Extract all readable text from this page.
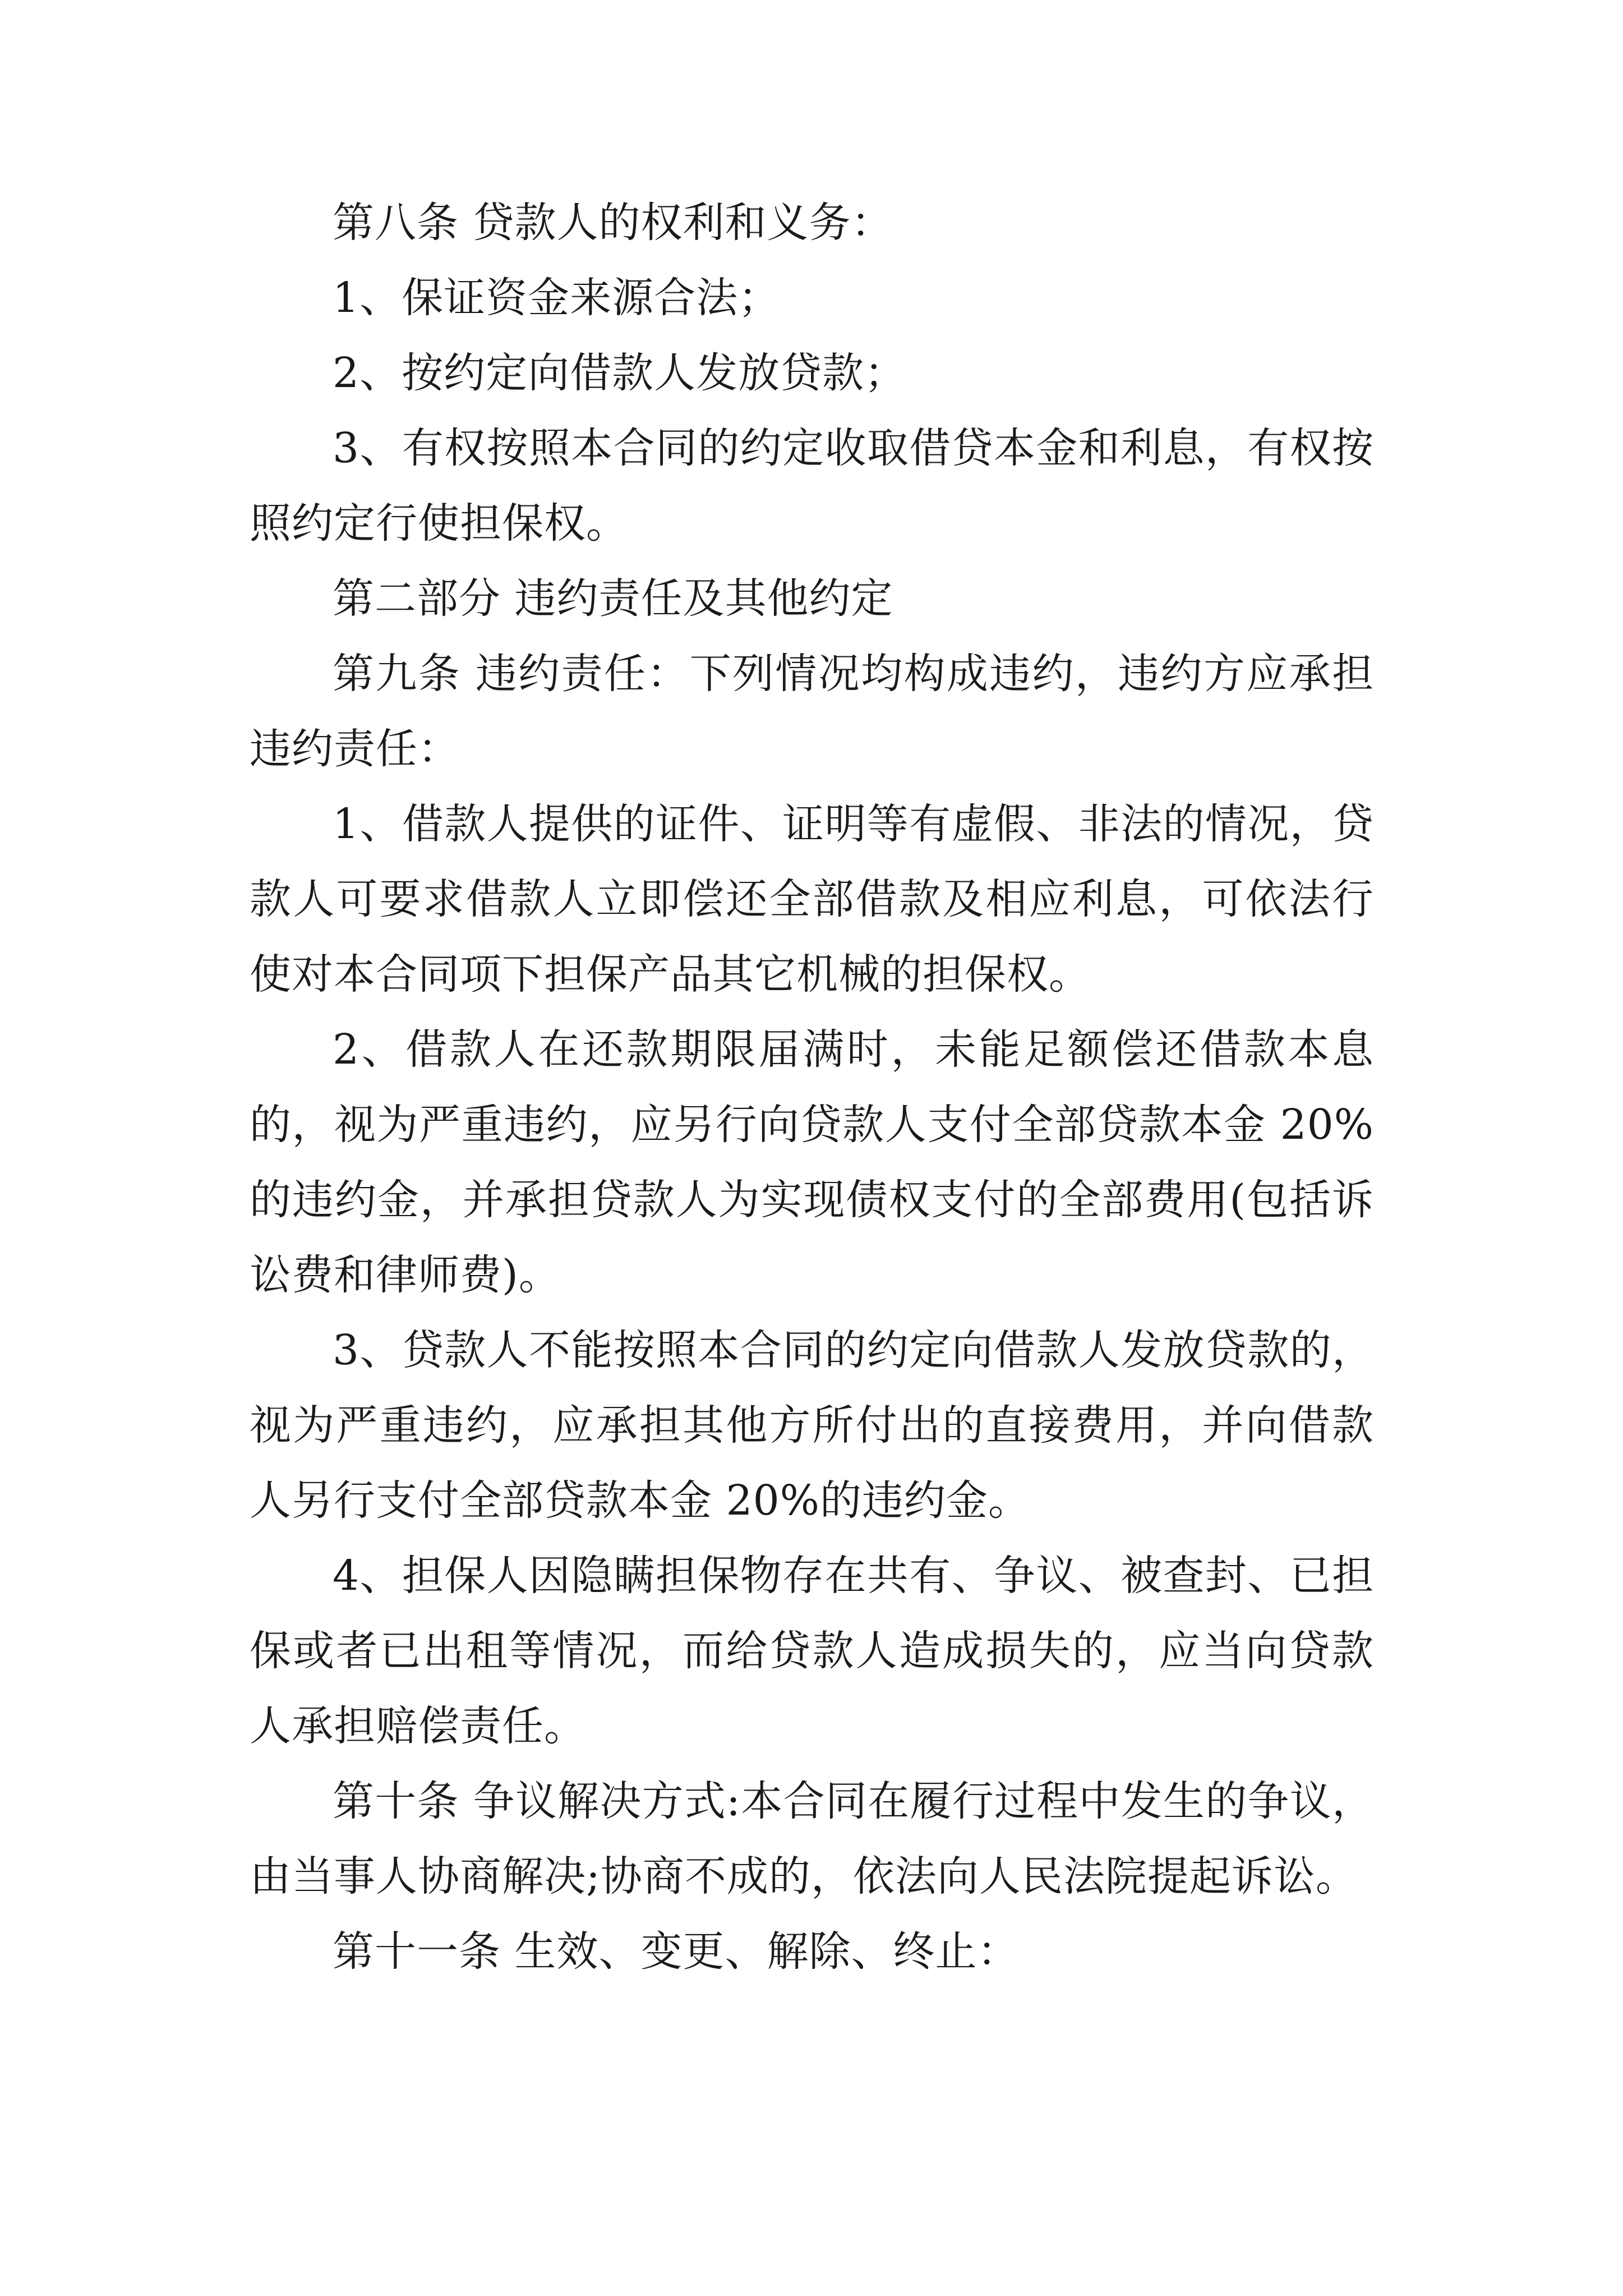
第八条 贷款人的权利和义务：

1、保证资金来源合法；

2、按约定向借款人发放贷款；

3、有权按照本合同的约定收取借贷本金和利息，有权按照约定行使担保权。

第二部分 违约责任及其他约定

第九条 违约责任：下列情况均构成违约，违约方应承担违约责任：

1、借款人提供的证件、证明等有虚假、非法的情况，贷款人可要求借款人立即偿还全部借款及相应利息，可依法行使对本合同项下担保产品其它机械的担保权。

2、借款人在还款期限届满时，未能足额偿还借款本息的，视为严重违约，应另行向贷款人支付全部贷款本金 20%的违约金，并承担贷款人为实现债权支付的全部费用(包括诉讼费和律师费)。

3、贷款人不能按照本合同的约定向借款人发放贷款的，视为严重违约，应承担其他方所付出的直接费用，并向借款人另行支付全部贷款本金 20%的违约金。

4、担保人因隐瞒担保物存在共有、争议、被查封、已担保或者已出租等情况，而给贷款人造成损失的，应当向贷款人承担赔偿责任。

第十条 争议解决方式:本合同在履行过程中发生的争议，由当事人协商解决;协商不成的，依法向人民法院提起诉讼。

第十一条 生效、变更、解除、终止：
